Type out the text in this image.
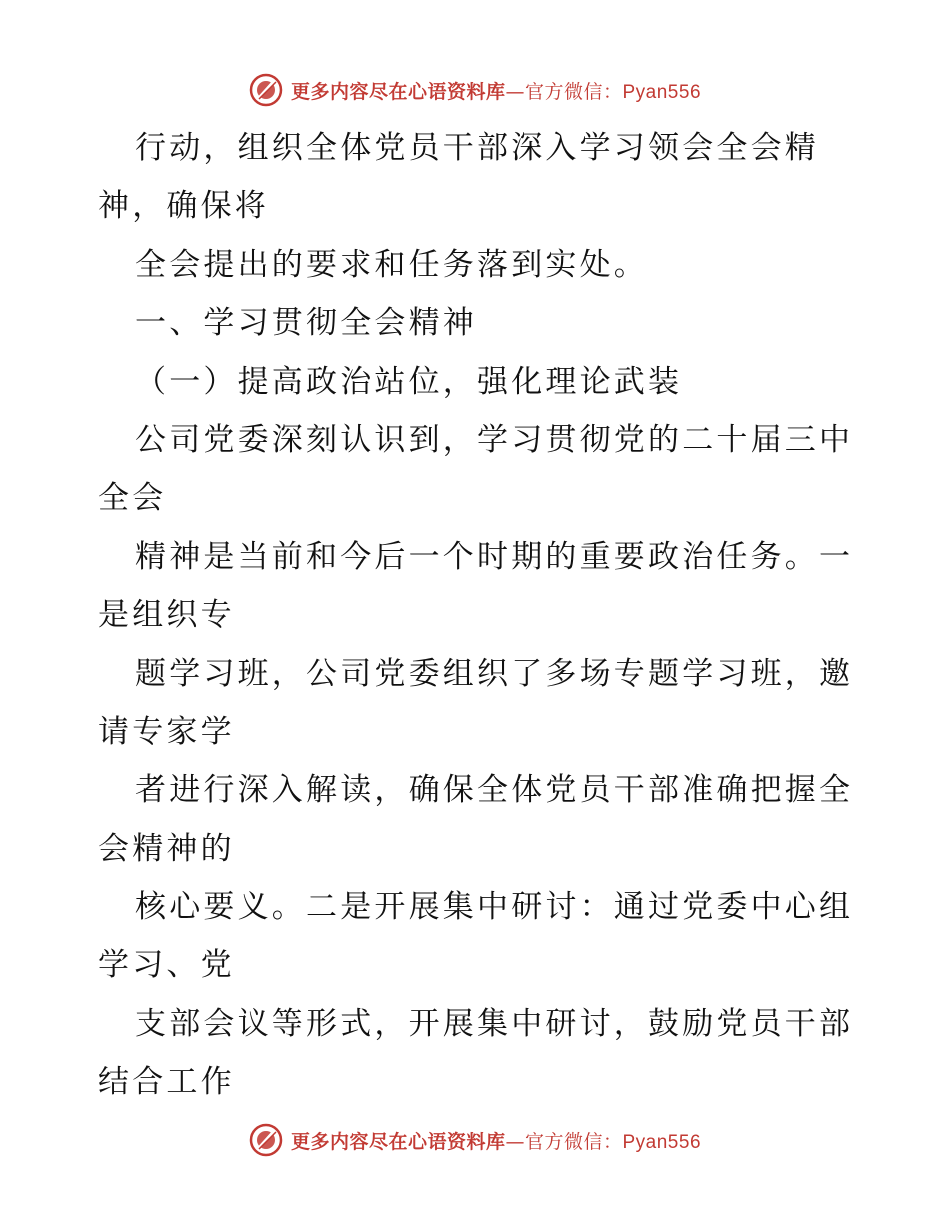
更多内容尽在心语资料库—官方微信：Pyan556
行动，组织全体党员干部深入学习领会全会精
神，确保将
全会提出的要求和任务落到实处。
一、学习贯彻全会精神
（一）提高政治站位，强化理论武装
公司党委深刻认识到，学习贯彻党的二十届三中
全会
精神是当前和今后一个时期的重要政治任务。一
是组织专
题学习班，公司党委组织了多场专题学习班，邀
请专家学
者进行深入解读，确保全体党员干部准确把握全
会精神的
核心要义。二是开展集中研讨：通过党委中心组
学习、党
支部会议等形式，开展集中研讨，鼓励党员干部
结合工作
更多内容尽在心语资料库—官方微信：Pyan556
